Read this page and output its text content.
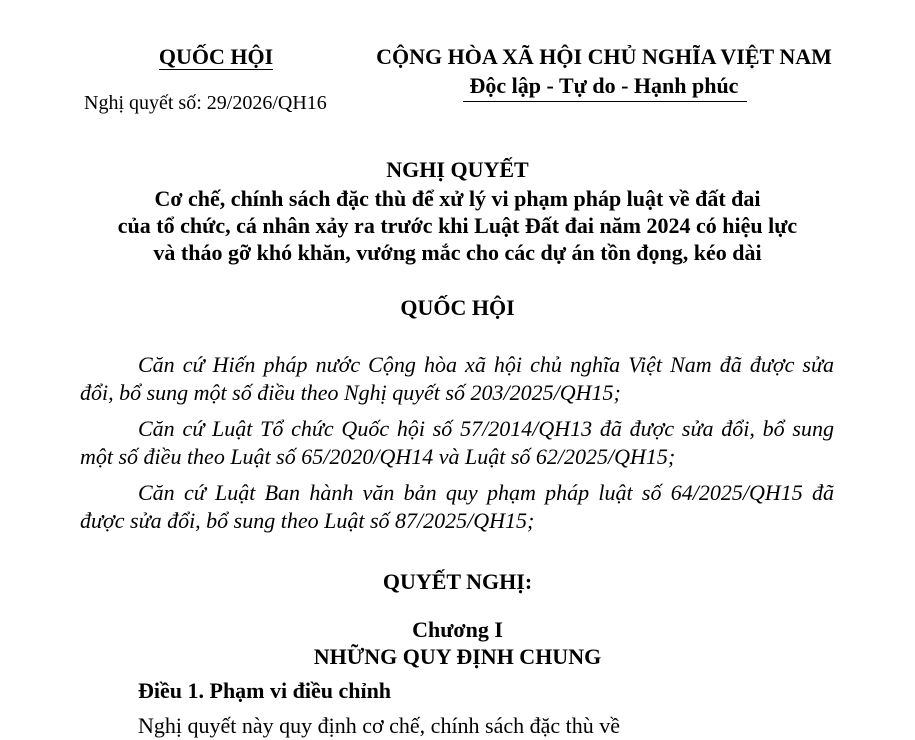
QUỐC HỘI
Nghị quyết số: 29/2026/QH16
CỘNG HÒA XÃ HỘI CHỦ NGHĨA VIỆT NAM
Độc lập - Tự do - Hạnh phúc
NGHỊ QUYẾT
Cơ chế, chính sách đặc thù để xử lý vi phạm pháp luật về đất đai
của tổ chức, cá nhân xảy ra trước khi Luật Đất đai năm 2024 có hiệu lực
và tháo gỡ khó khăn, vướng mắc cho các dự án tồn đọng, kéo dài
QUỐC HỘI
Căn cứ Hiến pháp nước Cộng hòa xã hội chủ nghĩa Việt Nam đã được sửa đổi, bổ sung một số điều theo Nghị quyết số 203/2025/QH15;
Căn cứ Luật Tổ chức Quốc hội số 57/2014/QH13 đã được sửa đổi, bổ sung một số điều theo Luật số 65/2020/QH14 và Luật số 62/2025/QH15;
Căn cứ Luật Ban hành văn bản quy phạm pháp luật số 64/2025/QH15 đã được sửa đổi, bổ sung theo Luật số 87/2025/QH15;
QUYẾT NGHỊ:
Chương I
NHỮNG QUY ĐỊNH CHUNG
Điều 1. Phạm vi điều chỉnh
Nghị quyết này quy định cơ chế, chính sách đặc thù về
